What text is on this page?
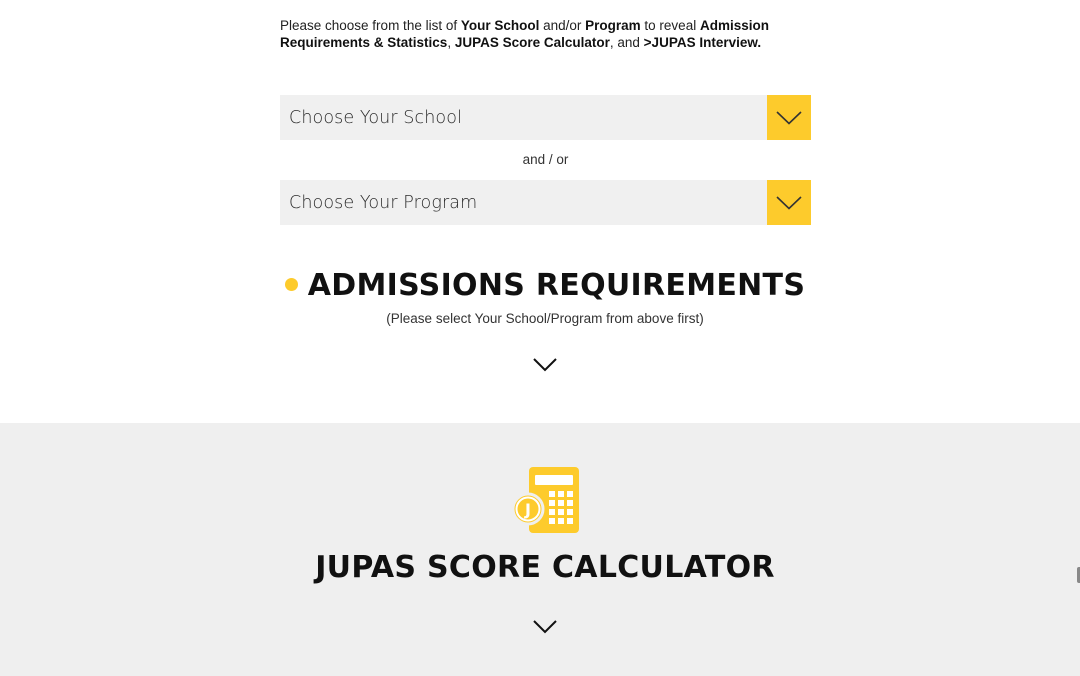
Please choose from the list of Your School and/or Program to reveal Admission Requirements & Statistics, JUPAS Score Calculator, and >JUPAS Interview.

Choose Your School
and / or
Choose Your Program
ADMISSIONS REQUIREMENTS
(Please select Your School/Program from above first)
J
JUPAS SCORE CALCULATOR
